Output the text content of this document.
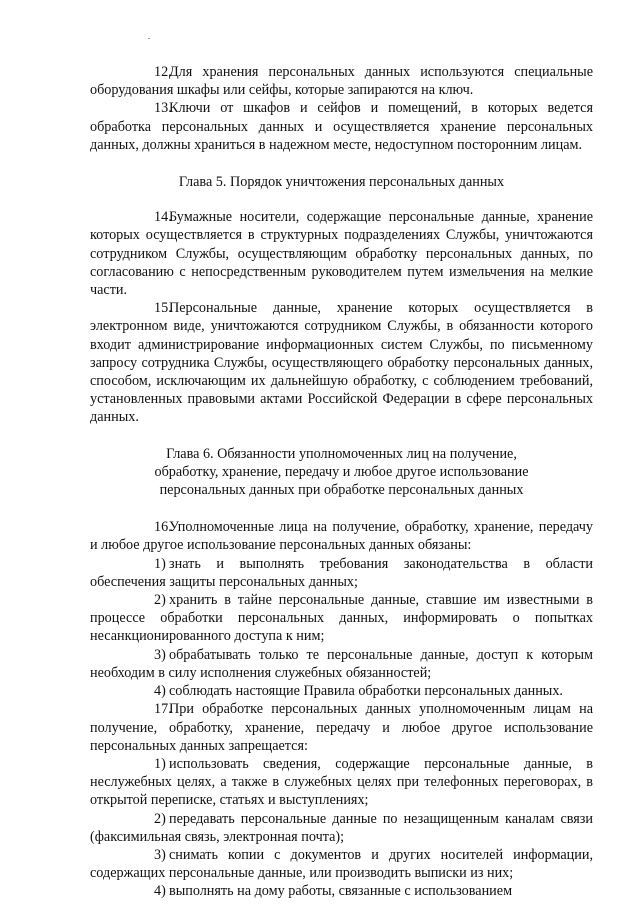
12.Для хранения персональных данных используются специальные оборудования шкафы или сейфы, которые запираются на ключ.

13.Ключи от шкафов и сейфов и помещений, в которых ведется обработка персональных данных и осуществляется хранение персональных данных, должны храниться в надежном месте, недоступном посторонним лицам.

Глава 5. Порядок уничтожения персональных данных

14.Бумажные носители, содержащие персональные данные, хранение которых осуществляется в структурных подразделениях Службы, уничтожаются сотрудником Службы, осуществляющим обработку персональных данных, по согласованию с непосредственным руководителем путем измельчения на мелкие части.

15.Персональные данные, хранение которых осуществляется в электронном виде, уничтожаются сотрудником Службы, в обязанности которого входит администрирование информационных систем Службы, по письменному запросу сотрудника Службы, осуществляющего обработку персональных данных, способом, исключающим их дальнейшую обработку, с соблюдением требований, установленных правовыми актами Российской Федерации в сфере персональных данных.

Глава 6. Обязанности уполномоченных лиц на получение,
обработку, хранение, передачу и любое другое использование
персональных данных при обработке персональных данных

16.Уполномоченные лица на получение, обработку, хранение, передачу и любое другое использование персональных данных обязаны:

1) знать и выполнять требования законодательства в области обеспечения защиты персональных данных;

2) хранить в тайне персональные данные, ставшие им известными в процессе обработки персональных данных, информировать о попытках несанкционированного доступа к ним;

3) обрабатывать только те персональные данные, доступ к которым необходим в силу исполнения служебных обязанностей;

4) соблюдать настоящие Правила обработки персональных данных.

17.При обработке персональных данных уполномоченным лицам на получение, обработку, хранение, передачу и любое другое использование персональных данных запрещается:

1) использовать сведения, содержащие персональные данные, в неслужебных целях, а также в служебных целях при телефонных переговорах, в открытой переписке, статьях и выступлениях;

2) передавать персональные данные по незащищенным каналам связи (факсимильная связь, электронная почта);

3) снимать копии с документов и других носителей информации, содержащих персональные данные, или производить выписки из них;

4) выполнять на дому работы, связанные с использованием
